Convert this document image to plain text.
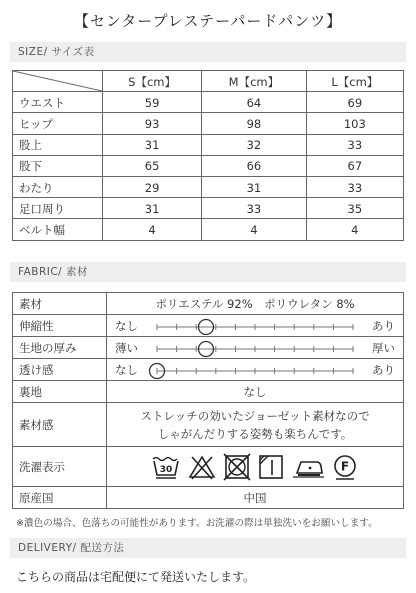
【センタープレステーパードパンツ】
SIZE/ サイズ表
	S【cm】	M【cm】	L【cm】
ウエスト	59	64	69
ヒップ	93	98	103
股上	31	32	33
股下	65	66	67
わたり	29	31	33
足口周り	31	33	35
ベルト幅	4	4	4
FABRIC/ 素材
素材	ポリエステル 92%　ポリウレタン 8%
伸縮性	なし あり

生地の厚み	薄い 厚い

透け感	なし あり

裏地	なし
素材感	ストレッチの効いたジョーゼット素材なので
しゃがんだりする姿勢も楽ちんです。

洗濯表示	30 F

原産国	中国
※濃色の場合、色落ちの可能性があります。お洗濯の際は単独洗いをお願いします。
DELIVERY/ 配送方法
こちらの商品は宅配便にて発送いたします。
